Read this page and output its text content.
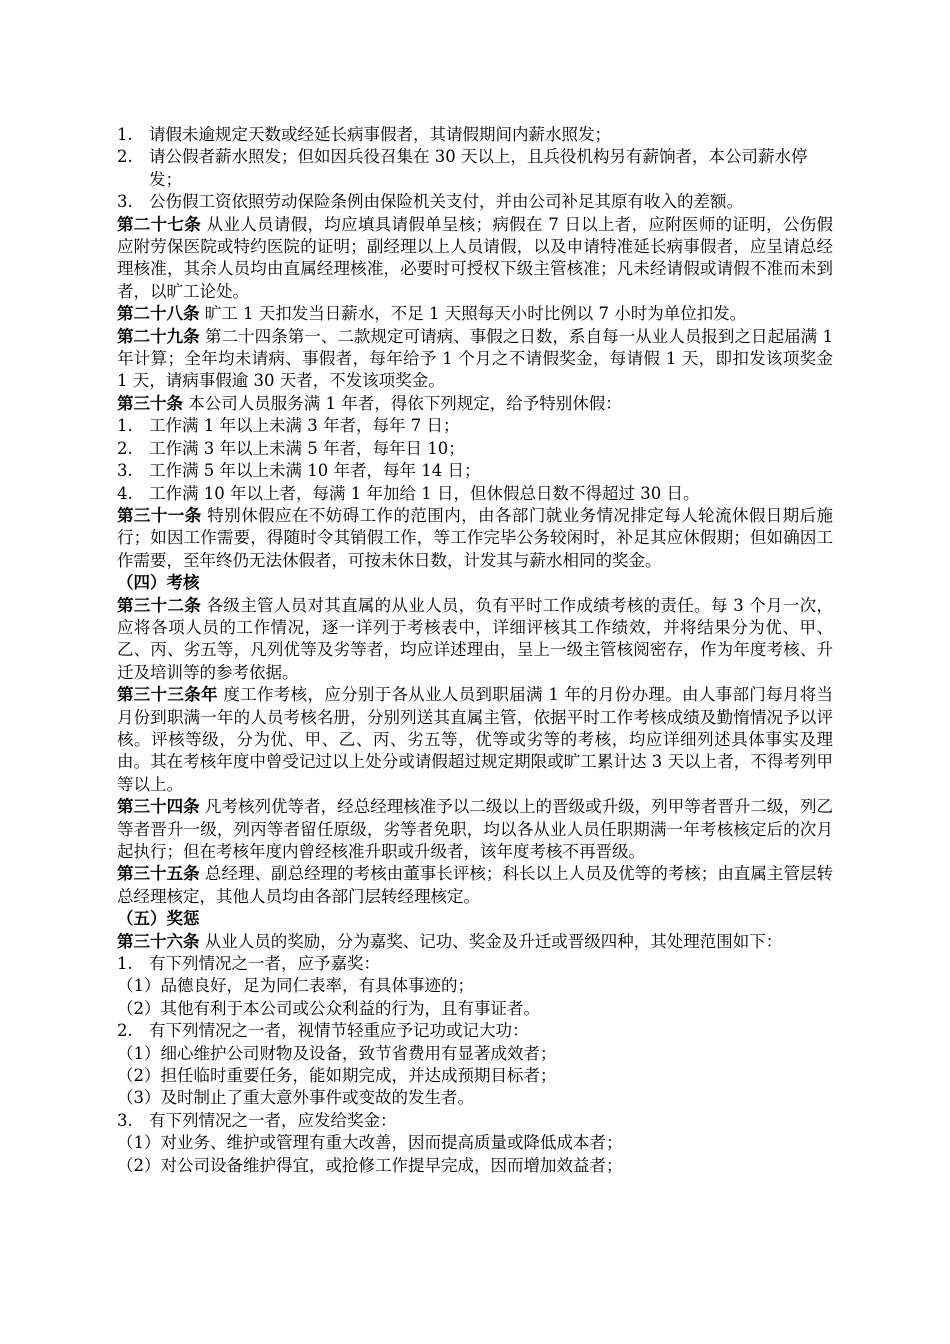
1. 请假未逾规定天数或经延长病事假者，其请假期间内薪水照发；
2. 请公假者薪水照发；但如因兵役召集在 30 天以上，且兵役机构另有薪饷者，本公司薪水停发；
3. 公伤假工资依照劳动保险条例由保险机关支付，并由公司补足其原有收入的差额。

第二十七条 从业人员请假，均应填具请假单呈核；病假在 7 日以上者，应附医师的证明，公伤假应附劳保医院或特约医院的证明；副经理以上人员请假，以及申请特准延长病事假者，应呈请总经理核准，其余人员均由直属经理核准，必要时可授权下级主管核准；凡未经请假或请假不准而未到者，以旷工论处。

第二十八条 旷工 1 天扣发当日薪水，不足 1 天照每天小时比例以 7 小时为单位扣发。

第二十九条 第二十四条第一、二款规定可请病、事假之日数，系自每一从业人员报到之日起届满 1 年计算；全年均未请病、事假者，每年给予 1 个月之不请假奖金，每请假 1 天，即扣发该项奖金 1 天，请病事假逾 30 天者，不发该项奖金。

第三十条 本公司人员服务满 1 年者，得依下列规定，给予特别休假：

1. 工作满 1 年以上未满 3 年者，每年 7 日；
2. 工作满 3 年以上未满 5 年者，每年日 10；
3. 工作满 5 年以上未满 10 年者，每年 14 日；
4. 工作满 10 年以上者，每满 1 年加给 1 日，但休假总日数不得超过 30 日。

第三十一条 特别休假应在不妨碍工作的范围内，由各部门就业务情况排定每人轮流休假日期后施行；如因工作需要，得随时令其销假工作，等工作完毕公务较闲时，补足其应休假期；但如确因工作需要，至年终仍无法休假者，可按未休日数，计发其与薪水相同的奖金。

（四）考核

第三十二条 各级主管人员对其直属的从业人员，负有平时工作成绩考核的责任。每 3 个月一次，应将各项人员的工作情况，逐一详列于考核表中，详细评核其工作绩效，并将结果分为优、甲、乙、丙、劣五等，凡列优等及劣等者，均应详述理由，呈上一级主管核阅密存，作为年度考核、升迁及培训等的参考依据。

第三十三条年 度工作考核，应分别于各从业人员到职届满 1 年的月份办理。由人事部门每月将当月份到职满一年的人员考核名册，分别列送其直属主管，依据平时工作考核成绩及勤惰情况予以评核。评核等级，分为优、甲、乙、丙、劣五等，优等或劣等的考核，均应详细列述具体事实及理由。其在考核年度中曾受记过以上处分或请假超过规定期限或旷工累计达 3 天以上者，不得考列甲等以上。

第三十四条 凡考核列优等者，经总经理核准予以二级以上的晋级或升级，列甲等者晋升二级，列乙等者晋升一级，列丙等者留任原级，劣等者免职，均以各从业人员任职期满一年考核核定后的次月起执行；但在考核年度内曾经核准升职或升级者，该年度考核不再晋级。

第三十五条 总经理、副总经理的考核由董事长评核；科长以上人员及优等的考核；由直属主管层转总经理核定，其他人员均由各部门层转经理核定。

（五）奖惩

第三十六条 从业人员的奖励，分为嘉奖、记功、奖金及升迁或晋级四种，其处理范围如下：

1. 有下列情况之一者，应予嘉奖：

（1）品德良好，足为同仁表率，有具体事迹的；

（2）其他有利于本公司或公众利益的行为，且有事证者。

2. 有下列情况之一者，视情节轻重应予记功或记大功：

（1）细心维护公司财物及设备，致节省费用有显著成效者；

（2）担任临时重要任务，能如期完成，并达成预期目标者；

（3）及时制止了重大意外事件或变故的发生者。

3. 有下列情况之一者，应发给奖金：

（1）对业务、维护或管理有重大改善，因而提高质量或降低成本者；

（2）对公司设备维护得宜，或抢修工作提早完成，因而增加效益者；
